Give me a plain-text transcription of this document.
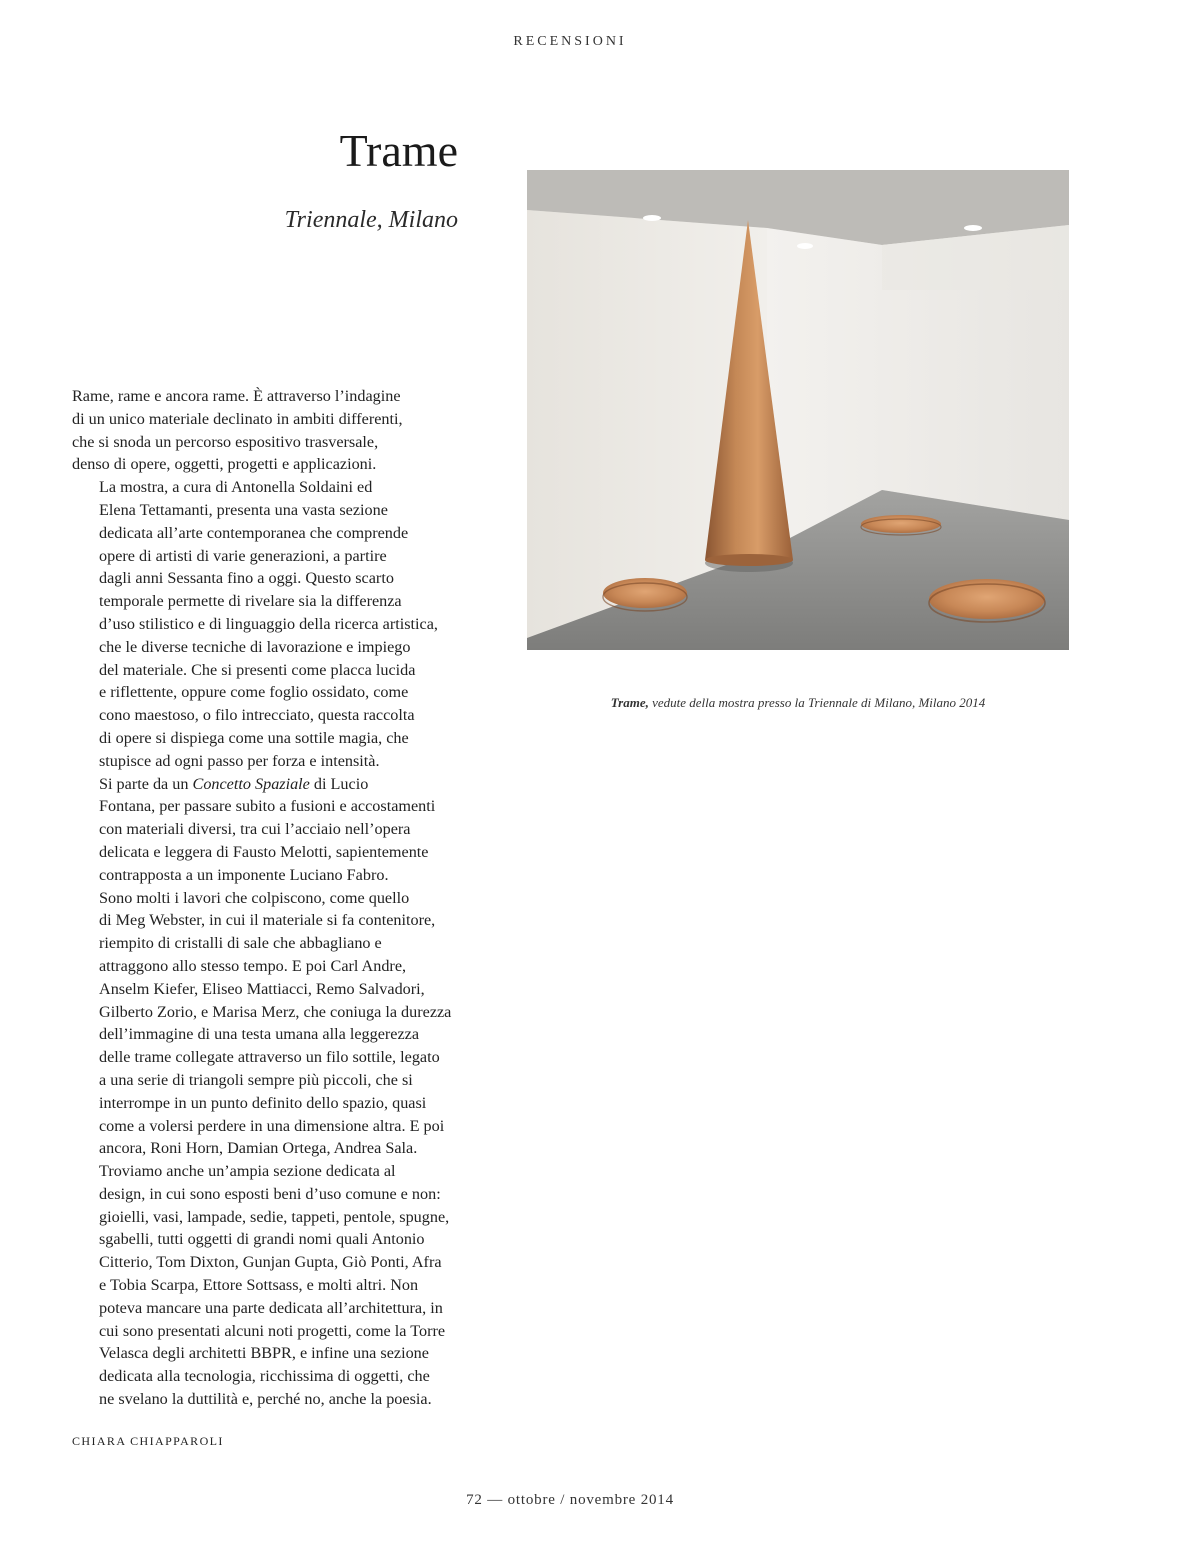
RECENSIONI
Trame
Triennale, Milano

Rame, rame e ancora rame. È attraverso l’indagine
di un unico materiale declinato in ambiti differenti,
che si snoda un percorso espositivo trasversale,
denso di opere, oggetti, progetti e applicazioni.

La mostra, a cura di Antonella Soldaini ed
Elena Tettamanti, presenta una vasta sezione
dedicata all’arte contemporanea che comprende
opere di artisti di varie generazioni, a partire
dagli anni Sessanta fino a oggi. Questo scarto
temporale permette di rivelare sia la differenza
d’uso stilistico e di linguaggio della ricerca artistica,
che le diverse tecniche di lavorazione e impiego
del materiale. Che si presenti come placca lucida
e riflettente, oppure come foglio ossidato, come
cono maestoso, o filo intrecciato, questa raccolta
di opere si dispiega come una sottile magia, che
stupisce ad ogni passo per forza e intensità.

Si parte da un Concetto Spaziale di Lucio
Fontana, per passare subito a fusioni e accostamenti
con materiali diversi, tra cui l’acciaio nell’opera
delicata e leggera di Fausto Melotti, sapientemente
contrapposta a un imponente Luciano Fabro.

Sono molti i lavori che colpiscono, come quello
di Meg Webster, in cui il materiale si fa contenitore,
riempito di cristalli di sale che abbagliano e
attraggono allo stesso tempo. E poi Carl Andre,
Anselm Kiefer, Eliseo Mattiacci, Remo Salvadori,
Gilberto Zorio, e Marisa Merz, che coniuga la durezza
dell’immagine di una testa umana alla leggerezza
delle trame collegate attraverso un filo sottile, legato
a una serie di triangoli sempre più piccoli, che si
interrompe in un punto definito dello spazio, quasi
come a volersi perdere in una dimensione altra. E poi
ancora, Roni Horn, Damian Ortega, Andrea Sala.

Troviamo anche un’ampia sezione dedicata al
design, in cui sono esposti beni d’uso comune e non:
gioielli, vasi, lampade, sedie, tappeti, pentole, spugne,
sgabelli, tutti oggetti di grandi nomi quali Antonio
Citterio, Tom Dixton, Gunjan Gupta, Giò Ponti, Afra
e Tobia Scarpa, Ettore Sottsass, e molti altri. Non
poteva mancare una parte dedicata all’architettura, in
cui sono presentati alcuni noti progetti, come la Torre
Velasca degli architetti BBPR, e infine una sezione
dedicata alla tecnologia, ricchissima di oggetti, che
ne svelano la duttilità e, perché no, anche la poesia.

CHIARA CHIAPPAROLI
Trame, vedute della mostra presso la Triennale di Milano, Milano 2014
72 — ottobre / novembre 2014
